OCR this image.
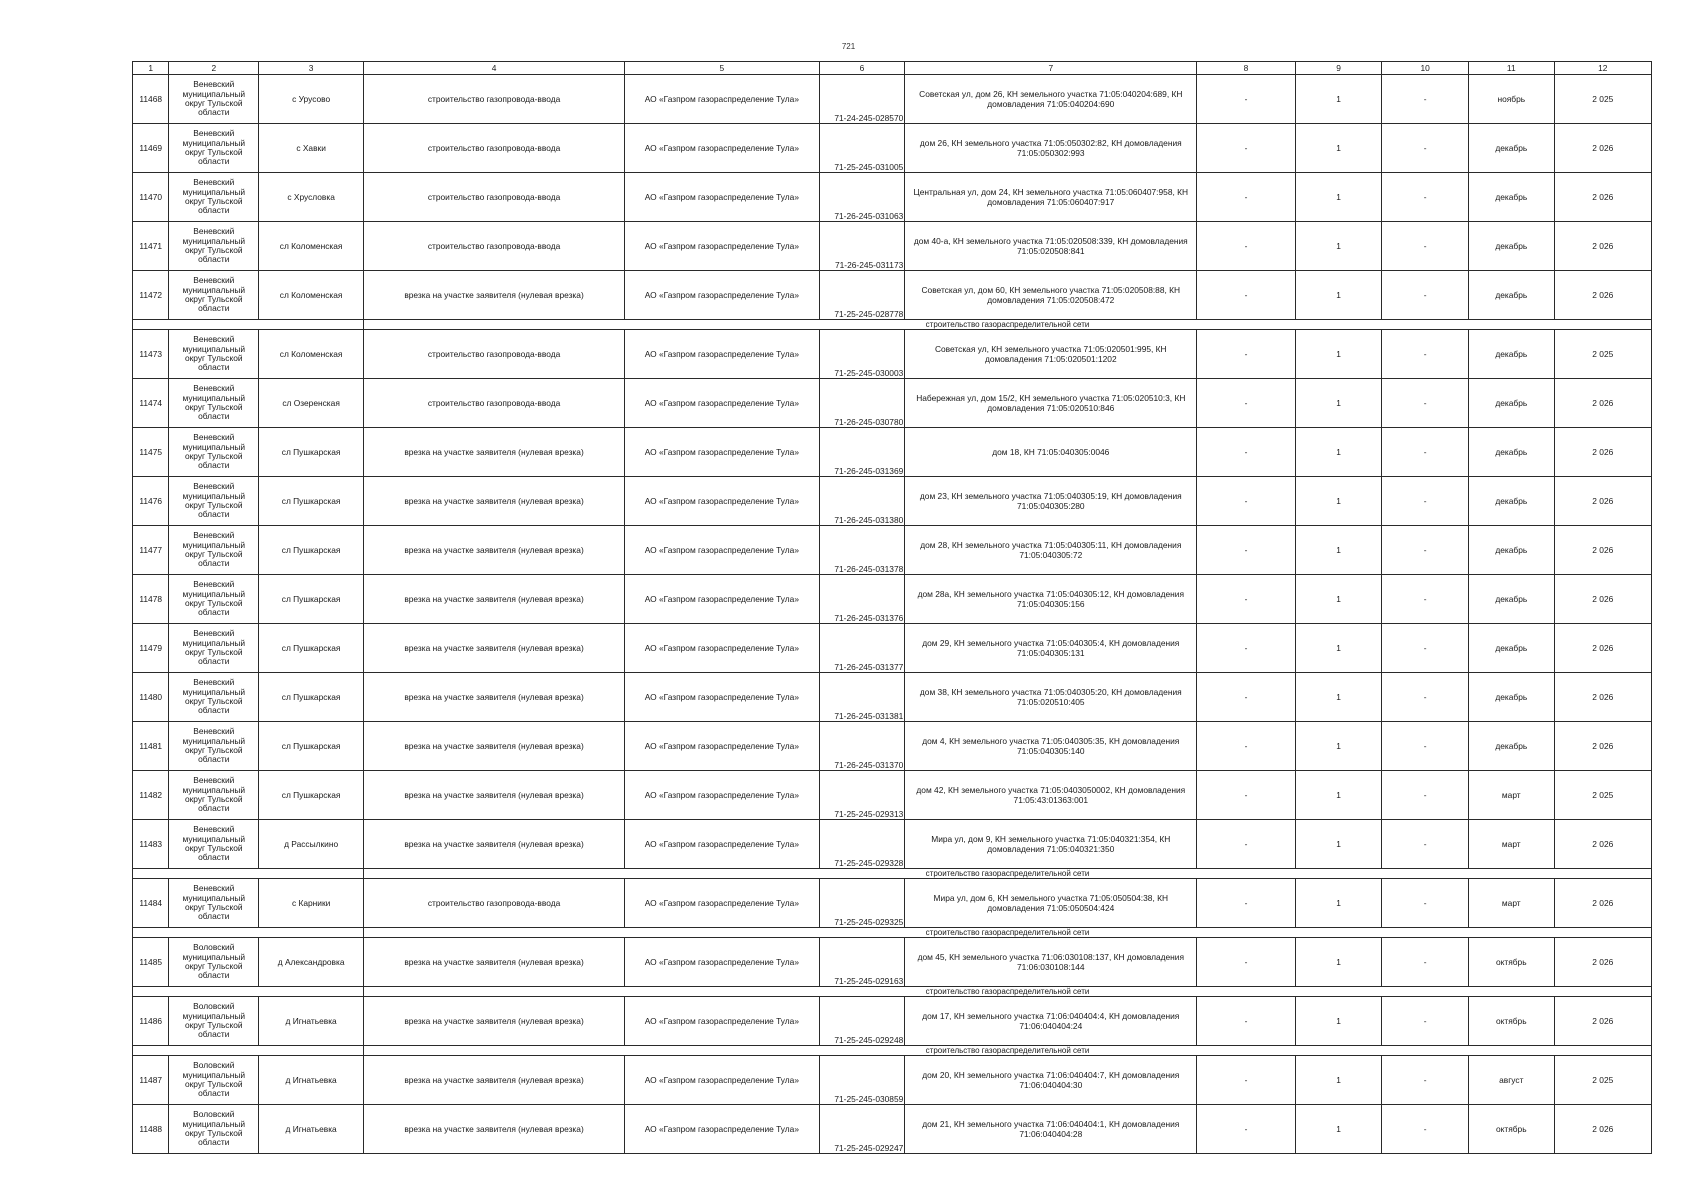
721
1	2	3	4	5	6	7	8	9	10	11	12
11468	Веневский муниципальный округ Тульской области	с Урусово	строительство газопровода-ввода	АО «Газпром газораспределение Тула»	71-24-245-028570	Советская ул, дом 26, КН земельного участка 71:05:040204:689, КН домовладения 71:05:040204:690	-	1	-	ноябрь	2 025
11469	Веневский муниципальный округ Тульской области	с Хавки	строительство газопровода-ввода	АО «Газпром газораспределение Тула»	71-25-245-031005	дом 26, КН земельного участка 71:05:050302:82, КН домовладения 71:05:050302:993	-	1	-	декабрь	2 026
11470	Веневский муниципальный округ Тульской области	с Хрусловка	строительство газопровода-ввода	АО «Газпром газораспределение Тула»	71-26-245-031063	Центральная ул, дом 24, КН земельного участка 71:05:060407:958, КН домовладения 71:05:060407:917	-	1	-	декабрь	2 026
11471	Веневский муниципальный округ Тульской области	сл Коломенская	строительство газопровода-ввода	АО «Газпром газораспределение Тула»	71-26-245-031173	дом 40-а, КН земельного участка 71:05:020508:339, КН домовладения 71:05:020508:841	-	1	-	декабрь	2 026
11472	Веневский муниципальный округ Тульской области	сл Коломенская	врезка на участке заявителя (нулевая врезка)	АО «Газпром газораспределение Тула»	71-25-245-028778	Советская ул, дом 60, КН земельного участка 71:05:020508:88, КН домовладения 71:05:020508:472	-	1	-	декабрь	2 026
			строительство газораспределительной сети								
11473	Веневский муниципальный округ Тульской области	сл Коломенская	строительство газопровода-ввода	АО «Газпром газораспределение Тула»	71-25-245-030003	Советская ул, КН земельного участка 71:05:020501:995, КН домовладения 71:05:020501:1202	-	1	-	декабрь	2 025
11474	Веневский муниципальный округ Тульской области	сл Озеренская	строительство газопровода-ввода	АО «Газпром газораспределение Тула»	71-26-245-030780	Набережная ул, дом 15/2, КН земельного участка 71:05:020510:3, КН домовладения 71:05:020510:846	-	1	-	декабрь	2 026
11475	Веневский муниципальный округ Тульской области	сл Пушкарская	врезка на участке заявителя (нулевая врезка)	АО «Газпром газораспределение Тула»	71-26-245-031369	дом 18, КН 71:05:040305:0046	-	1	-	декабрь	2 026
11476	Веневский муниципальный округ Тульской области	сл Пушкарская	врезка на участке заявителя (нулевая врезка)	АО «Газпром газораспределение Тула»	71-26-245-031380	дом 23, КН земельного участка 71:05:040305:19, КН домовладения 71:05:040305:280	-	1	-	декабрь	2 026
11477	Веневский муниципальный округ Тульской области	сл Пушкарская	врезка на участке заявителя (нулевая врезка)	АО «Газпром газораспределение Тула»	71-26-245-031378	дом 28, КН земельного участка 71:05:040305:11, КН домовладения 71:05:040305:72	-	1	-	декабрь	2 026
11478	Веневский муниципальный округ Тульской области	сл Пушкарская	врезка на участке заявителя (нулевая врезка)	АО «Газпром газораспределение Тула»	71-26-245-031376	дом 28а, КН земельного участка 71:05:040305:12, КН домовладения 71:05:040305:156	-	1	-	декабрь	2 026
11479	Веневский муниципальный округ Тульской области	сл Пушкарская	врезка на участке заявителя (нулевая врезка)	АО «Газпром газораспределение Тула»	71-26-245-031377	дом 29, КН земельного участка 71:05:040305:4, КН домовладения 71:05:040305:131	-	1	-	декабрь	2 026
11480	Веневский муниципальный округ Тульской области	сл Пушкарская	врезка на участке заявителя (нулевая врезка)	АО «Газпром газораспределение Тула»	71-26-245-031381	дом 38, КН земельного участка 71:05:040305:20, КН домовладения 71:05:020510:405	-	1	-	декабрь	2 026
11481	Веневский муниципальный округ Тульской области	сл Пушкарская	врезка на участке заявителя (нулевая врезка)	АО «Газпром газораспределение Тула»	71-26-245-031370	дом 4, КН земельного участка 71:05:040305:35, КН домовладения 71:05:040305:140	-	1	-	декабрь	2 026
11482	Веневский муниципальный округ Тульской области	сл Пушкарская	врезка на участке заявителя (нулевая врезка)	АО «Газпром газораспределение Тула»	71-25-245-029313	дом 42, КН земельного участка 71:05:0403050002, КН домовладения 71:05:43:01363:001	-	1	-	март	2 025
11483	Веневский муниципальный округ Тульской области	д Рассылкино	врезка на участке заявителя (нулевая врезка)	АО «Газпром газораспределение Тула»	71-25-245-029328	Мира ул, дом 9, КН земельного участка 71:05:040321:354, КН домовладения 71:05:040321:350	-	1	-	март	2 026
			строительство газораспределительной сети								
11484	Веневский муниципальный округ Тульской области	с Карники	строительство газопровода-ввода	АО «Газпром газораспределение Тула»	71-25-245-029325	Мира ул, дом 6, КН земельного участка 71:05:050504:38, КН домовладения 71:05:050504:424	-	1	-	март	2 026
			строительство газораспределительной сети								
11485	Воловский муниципальный округ Тульской области	д Александровка	врезка на участке заявителя (нулевая врезка)	АО «Газпром газораспределение Тула»	71-25-245-029163	дом 45, КН земельного участка 71:06:030108:137, КН домовладения 71:06:030108:144	-	1	-	октябрь	2 026
			строительство газораспределительной сети								
11486	Воловский муниципальный округ Тульской области	д Игнатьевка	врезка на участке заявителя (нулевая врезка)	АО «Газпром газораспределение Тула»	71-25-245-029248	дом 17, КН земельного участка 71:06:040404:4, КН домовладения 71:06:040404:24	-	1	-	октябрь	2 026
			строительство газораспределительной сети								
11487	Воловский муниципальный округ Тульской области	д Игнатьевка	врезка на участке заявителя (нулевая врезка)	АО «Газпром газораспределение Тула»	71-25-245-030859	дом 20, КН земельного участка 71:06:040404:7, КН домовладения 71:06:040404:30	-	1	-	август	2 025
11488	Воловский муниципальный округ Тульской области	д Игнатьевка	врезка на участке заявителя (нулевая врезка)	АО «Газпром газораспределение Тула»	71-25-245-029247	дом 21, КН земельного участка 71:06:040404:1, КН домовладения 71:06:040404:28	-	1	-	октябрь	2 026
